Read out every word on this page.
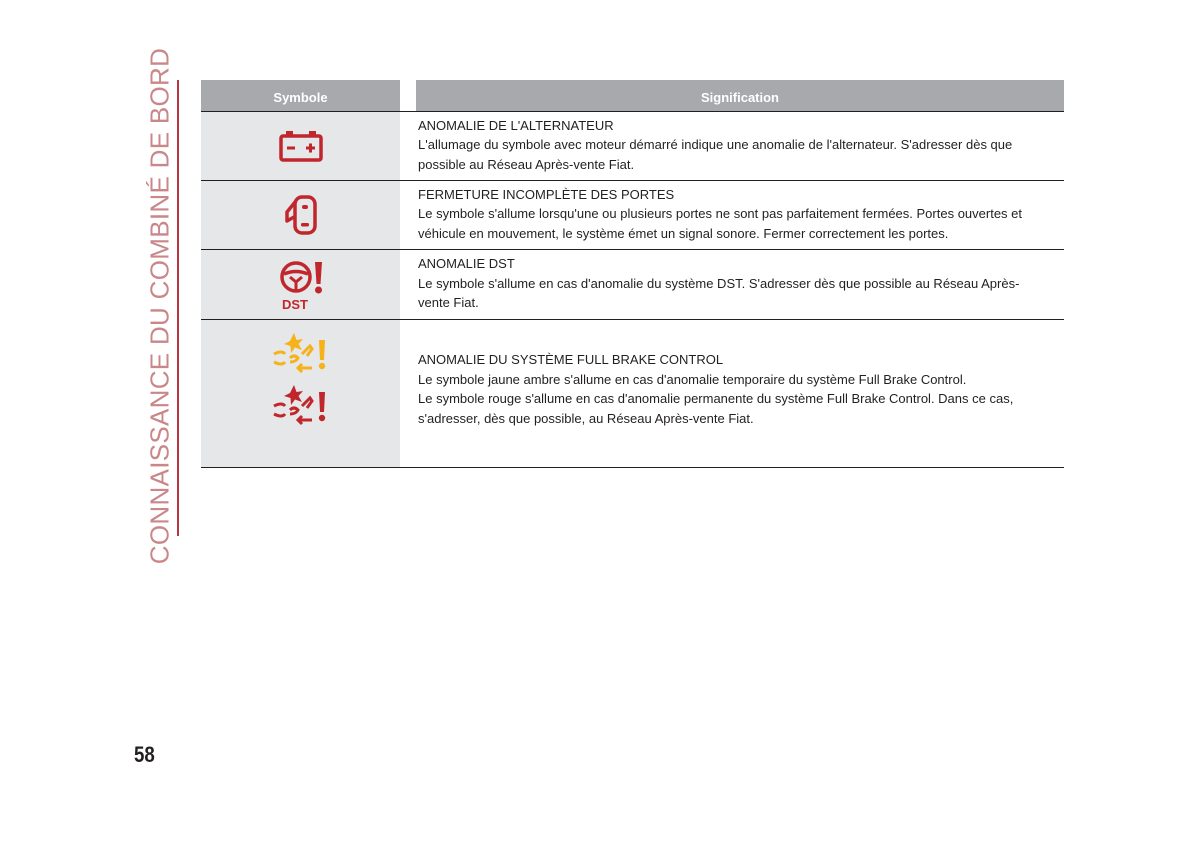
CONNAISSANCE DU COMBINÉ DE BORD	Symbole	Signification

ANOMALIE DE L'ALTERNATEUR

L'allumage du symbole avec moteur démarré indique une anomalie de l'alternateur. S'adresser dès que

possible au Réseau Après-vente Fiat.

FERMETURE INCOMPLÈTE DES PORTES

Le symbole s'allume lorsqu'une ou plusieurs portes ne sont pas parfaitement fermées. Portes ouvertes et

véhicule en mouvement, le système émet un signal sonore. Fermer correctement les portes.

DST

ANOMALIE DST

Le symbole s'allume en cas d'anomalie du système DST. S'adresser dès que possible au Réseau Après-

vente Fiat.

ANOMALIE DU SYSTÈME FULL BRAKE CONTROL

Le symbole jaune ambre s'allume en cas d'anomalie temporaire du système Full Brake Control.

Le symbole rouge s'allume en cas d'anomalie permanente du système Full Brake Control. Dans ce cas,

s'adresser, dès que possible, au Réseau Après-vente Fiat.

58
